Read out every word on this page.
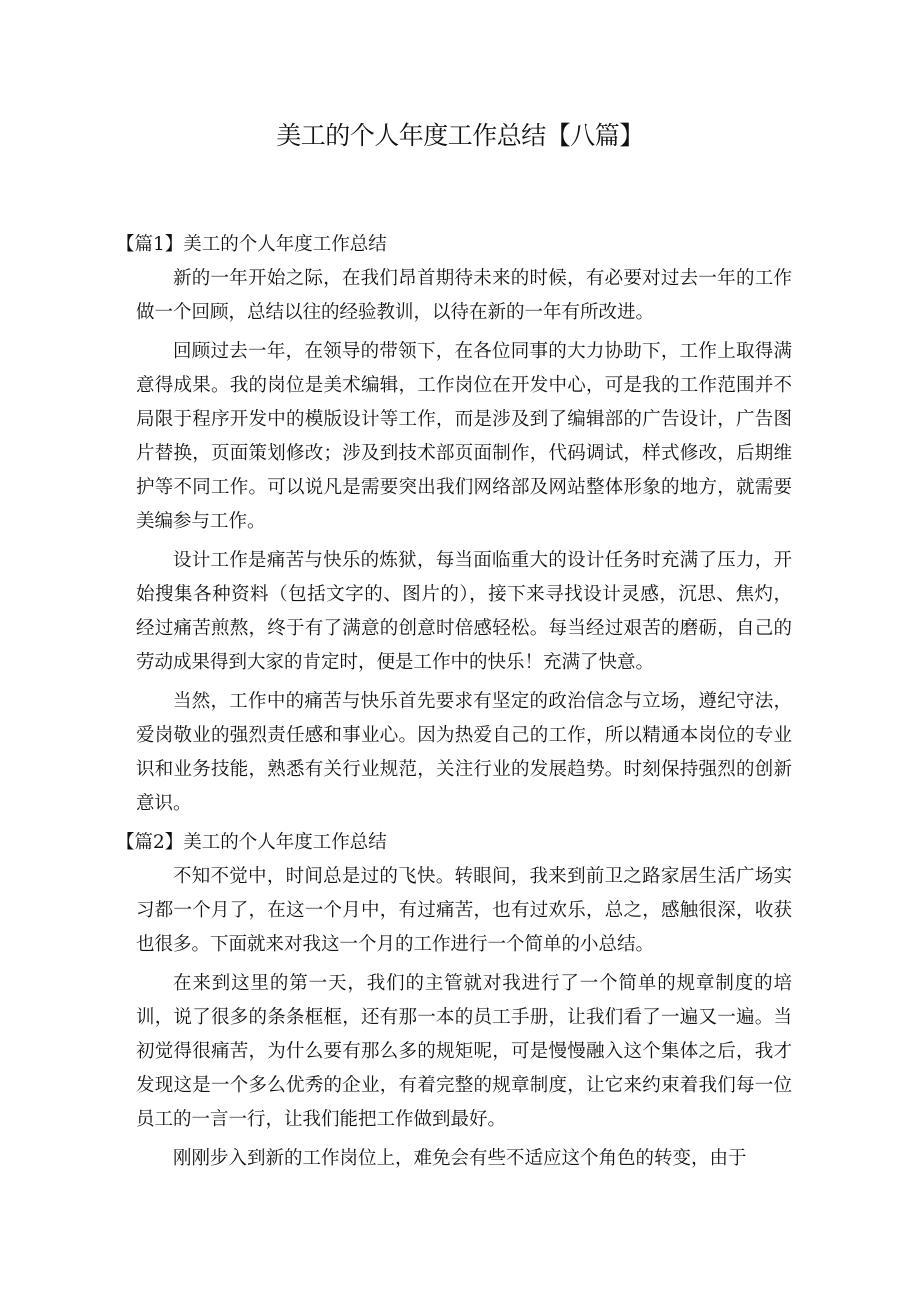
美工的个人年度工作总结【八篇】

【篇1】美工的个人年度工作总结

新的一年开始之际，在我们昂首期待未来的时候，有必要对过去一年的工作做一个回顾，总结以往的经验教训，以待在新的一年有所改进。

回顾过去一年，在领导的带领下，在各位同事的大力协助下，工作上取得满意得成果。我的岗位是美术编辑，工作岗位在开发中心，可是我的工作范围并不局限于程序开发中的模版设计等工作，而是涉及到了编辑部的广告设计，广告图片替换，页面策划修改；涉及到技术部页面制作，代码调试，样式修改，后期维护等不同工作。可以说凡是需要突出我们网络部及网站整体形象的地方，就需要美编参与工作。

设计工作是痛苦与快乐的炼狱，每当面临重大的设计任务时充满了压力，开始搜集各种资料（包括文字的、图片的），接下来寻找设计灵感，沉思、焦灼，经过痛苦煎熬，终于有了满意的创意时倍感轻松。每当经过艰苦的磨砺，自己的劳动成果得到大家的肯定时，便是工作中的快乐！充满了快意。

当然，工作中的痛苦与快乐首先要求有坚定的政治信念与立场，遵纪守法，爱岗敬业的强烈责任感和事业心。因为热爱自己的工作，所以精通本岗位的专业识和业务技能，熟悉有关行业规范，关注行业的发展趋势。时刻保持强烈的创新意识。

【篇2】美工的个人年度工作总结

不知不觉中，时间总是过的飞快。转眼间，我来到前卫之路家居生活广场实习都一个月了，在这一个月中，有过痛苦，也有过欢乐，总之，感触很深，收获也很多。下面就来对我这一个月的工作进行一个简单的小总结。

在来到这里的第一天，我们的主管就对我进行了一个简单的规章制度的培训，说了很多的条条框框，还有那一本的员工手册，让我们看了一遍又一遍。当初觉得很痛苦，为什么要有那么多的规矩呢，可是慢慢融入这个集体之后，我才发现这是一个多么优秀的企业，有着完整的规章制度，让它来约束着我们每一位员工的一言一行，让我们能把工作做到最好。

刚刚步入到新的工作岗位上，难免会有些不适应这个角色的转变，由于
